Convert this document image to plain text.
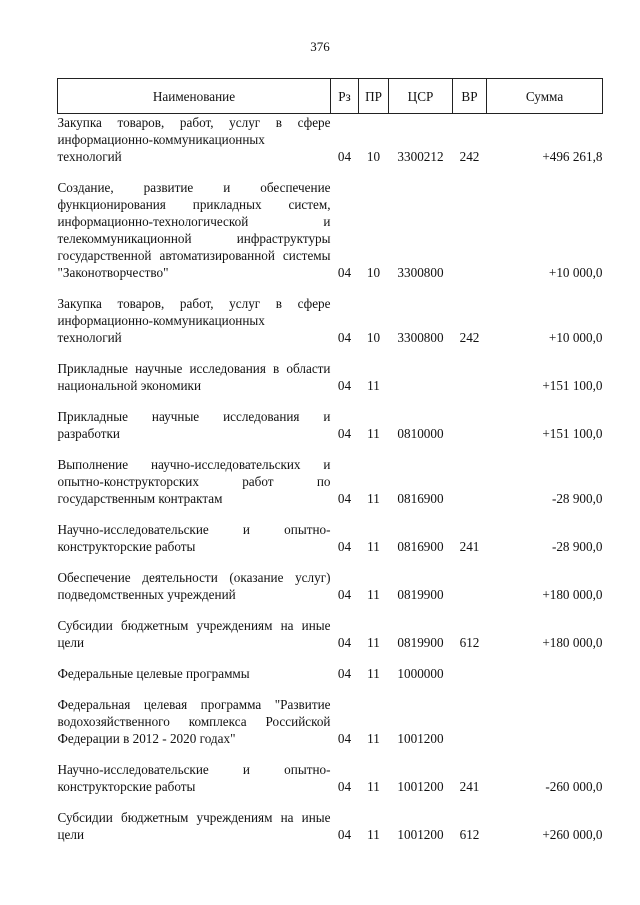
376
Наименование	Рз	ПР	ЦСР	ВР	Сумма
Закупка товаров, работ, услуг в сфере информационно-коммуникационных технологий	04	10	3300212	242	+496 261,8

Создание, развитие и обеспечение функционирования прикладных систем, информационно-технологической и телекоммуникационной инфраструктуры государственной автоматизированной системы "Законотворчество"	04	10	3300800		+10 000,0

Закупка товаров, работ, услуг в сфере информационно-коммуникационных технологий	04	10	3300800	242	+10 000,0

Прикладные научные исследования в области национальной экономики	04	11			+151 100,0

Прикладные научные исследования и разработки	04	11	0810000		+151 100,0

Выполнение научно-исследовательских и опытно-конструкторских работ по государственным контрактам	04	11	0816900		-28 900,0

Научно-исследовательские и опытно-конструкторские работы	04	11	0816900	241	-28 900,0

Обеспечение деятельности (оказание услуг) подведомственных учреждений	04	11	0819900		+180 000,0

Субсидии бюджетным учреждениям на иные цели	04	11	0819900	612	+180 000,0

Федеральные целевые программы	04	11	1000000		

Федеральная целевая программа "Развитие водохозяйственного комплекса Российской Федерации в 2012 - 2020 годах"	04	11	1001200		

Научно-исследовательские и опытно-конструкторские работы	04	11	1001200	241	-260 000,0

Субсидии бюджетным учреждениям на иные цели	04	11	1001200	612	+260 000,0
